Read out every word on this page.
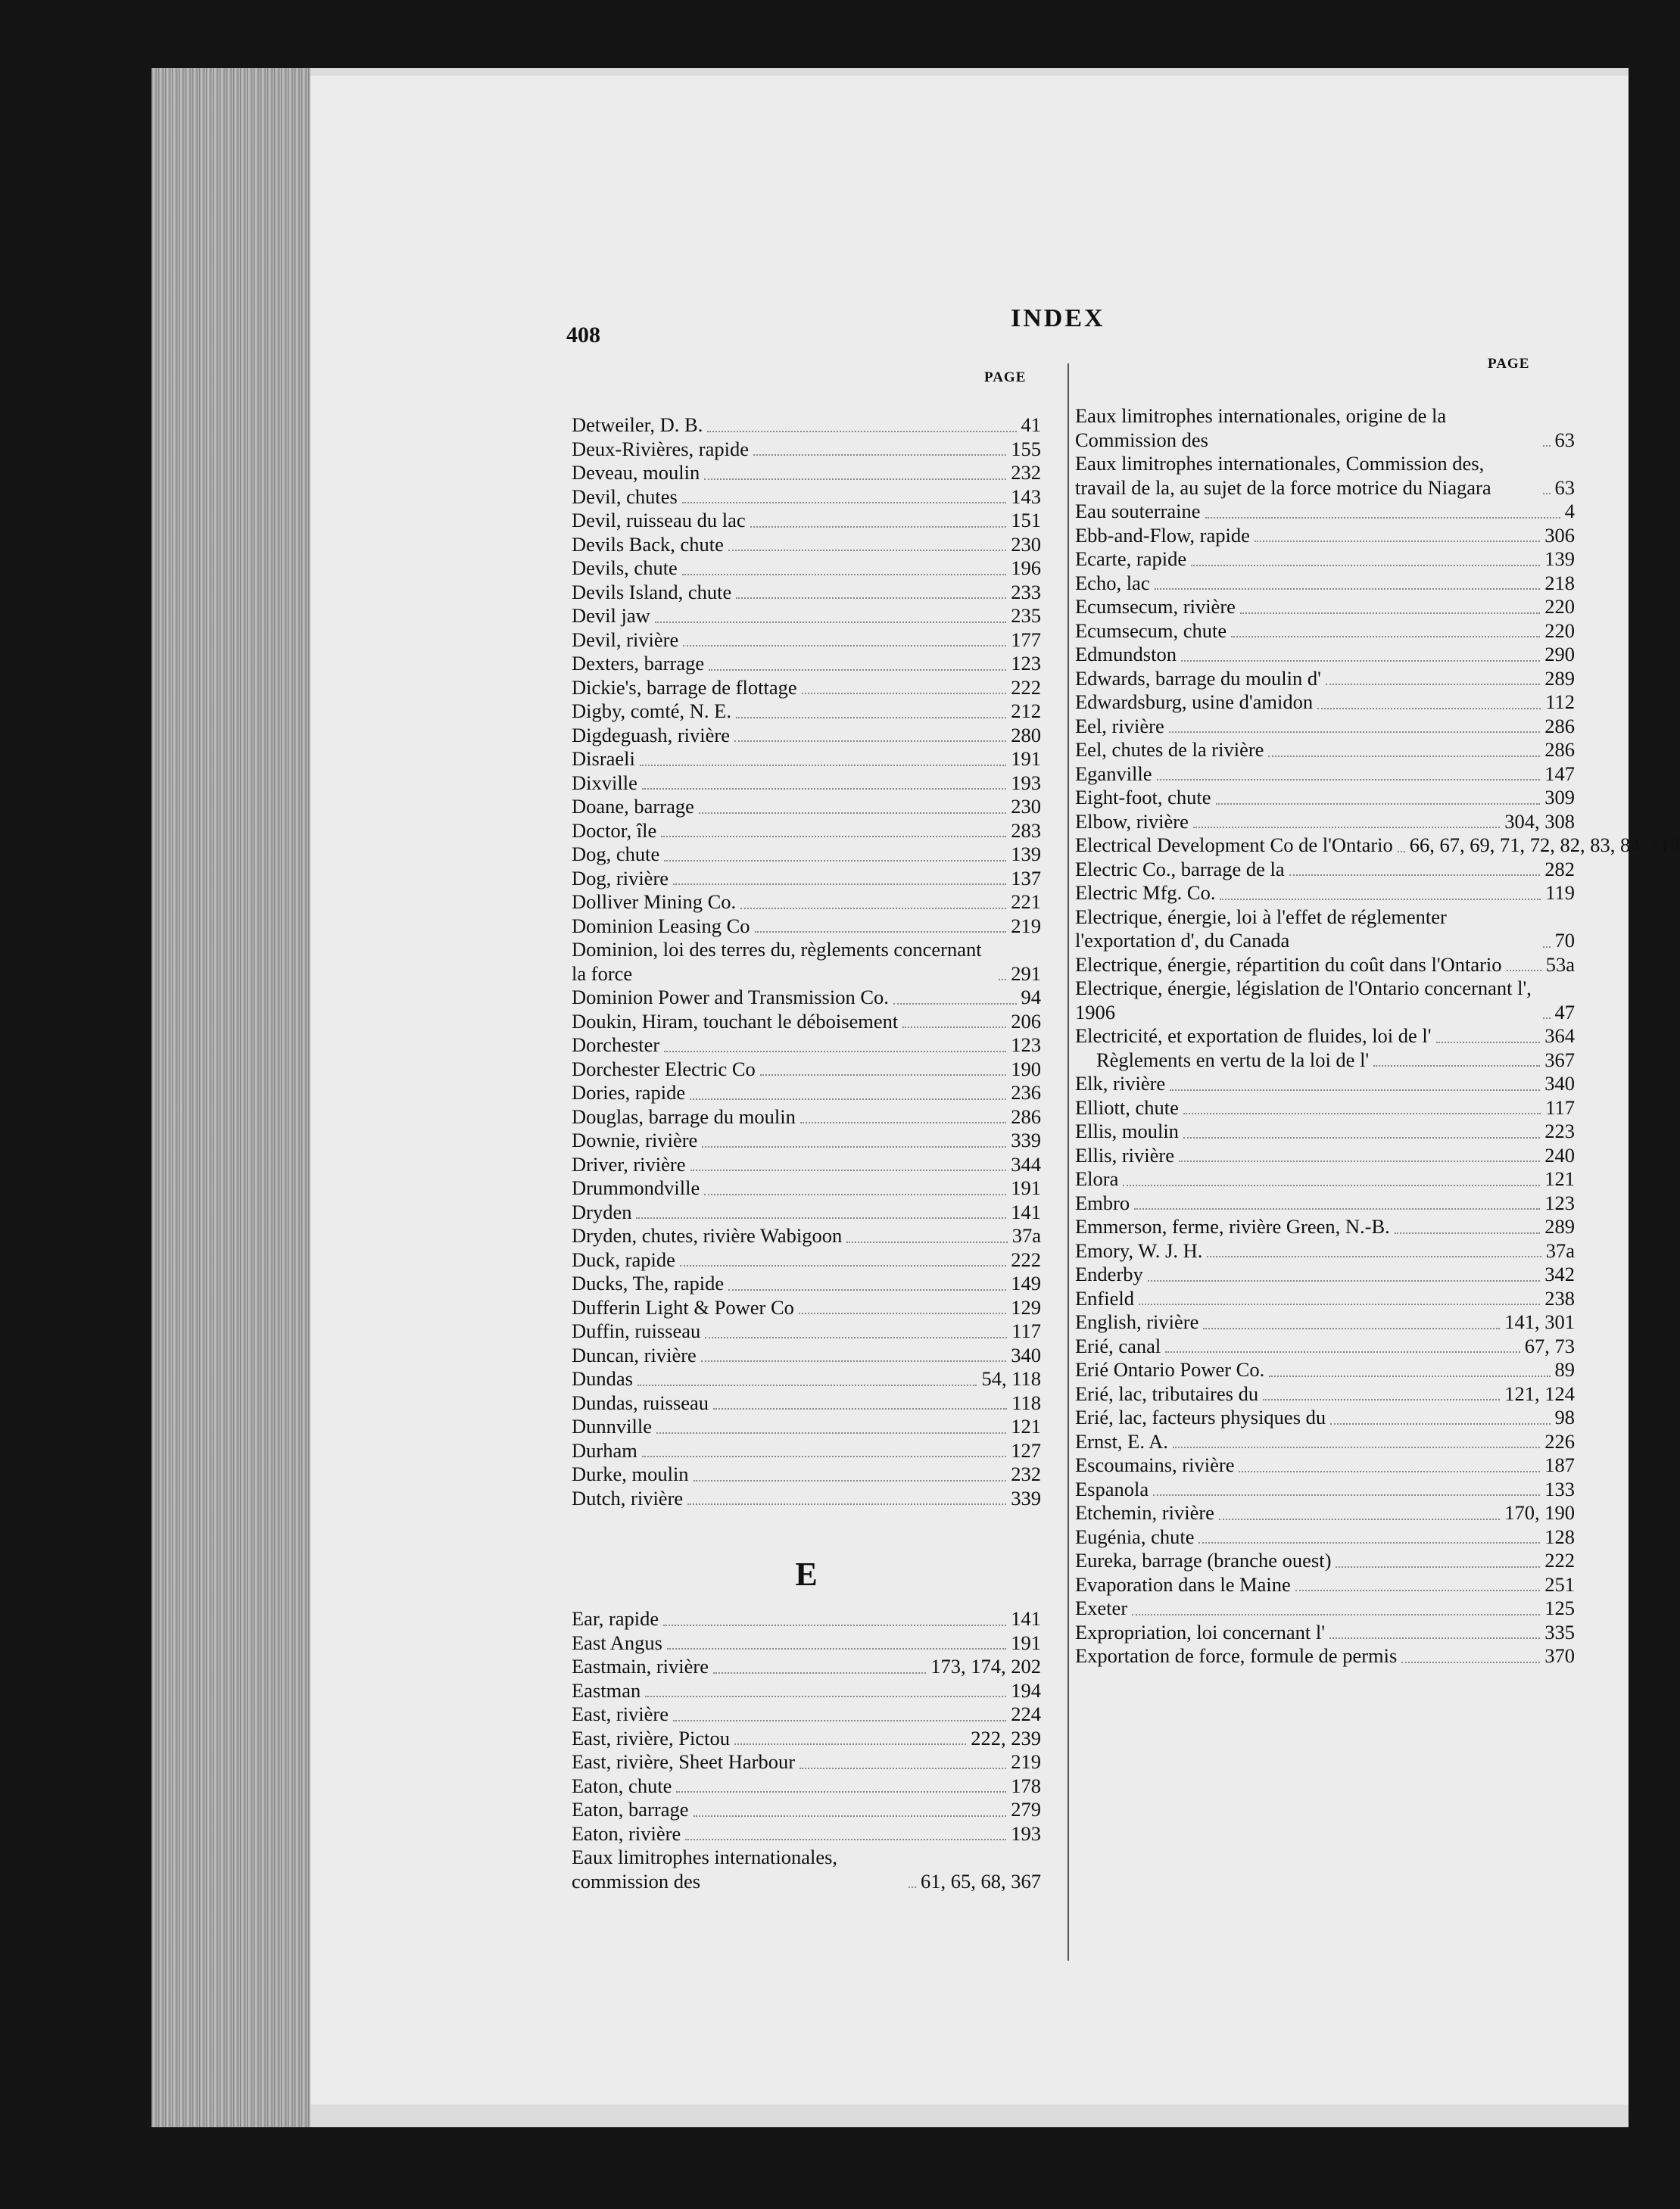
408
INDEX
PAGE
PAGE
Detweiler, D. B.	41
Deux-Rivières, rapide	155
Deveau, moulin	232
Devil, chutes	143
Devil, ruisseau du lac	151
Devils Back, chute	230
Devils, chute	196
Devils Island, chute	233
Devil jaw	235
Devil, rivière	177
Dexters, barrage	123
Dickie's, barrage de flottage	222
Digby, comté, N. E.	212
Digdeguash, rivière	280
Disraeli	191
Dixville	193
Doane, barrage	230
Doctor, île	283
Dog, chute	139
Dog, rivière	137
Dolliver Mining Co.	221
Dominion Leasing Co	219
Dominion, loi des terres du, règlements concernant la force	291
Dominion Power and Transmission Co.	94
Doukin, Hiram, touchant le déboisement	206
Dorchester	123
Dorchester Electric Co	190
Dories, rapide	236
Douglas, barrage du moulin	286
Downie, rivière	339
Driver, rivière	344
Drummondville	191
Dryden	141
Dryden, chutes, rivière Wabigoon	37a
Duck, rapide	222
Ducks, The, rapide	149
Dufferin Light & Power Co	129
Duffin, ruisseau	117
Duncan, rivière	340
Dundas	54, 118
Dundas, ruisseau	118
Dunnville	121
Durham	127
Durke, moulin	232
Dutch, rivière	339
E
Ear, rapide	141
East Angus	191
Eastmain, rivière	173, 174, 202
Eastman	194
East, rivière	224
East, rivière, Pictou	222, 239
East, rivière, Sheet Harbour	219
Eaton, chute	178
Eaton, barrage	279
Eaton, rivière	193
Eaux limitrophes internationales, commission des	61, 65, 68, 367
Eaux limitrophes internationales, origine de la Commission des	63
Eaux limitrophes internationales, Commission des, travail de la, au sujet de la force motrice du Niagara	63
Eau souterraine	4
Ebb-and-Flow, rapide	306
Ecarte, rapide	139
Echo, lac	218
Ecumsecum, rivière	220
Ecumsecum, chute	220
Edmundston	290
Edwards, barrage du moulin d'	289
Edwardsburg, usine d'amidon	112
Eel, rivière	286
Eel, chutes de la rivière	286
Eganville	147
Eight-foot, chute	309
Elbow, rivière	304, 308
Electrical Development Co de l'Ontario 66, 67, 69, 71, 72, 82, 83, 84, 119
Electric Co., barrage de la	282
Electric Mfg. Co.	119
Electrique, énergie, loi à l'effet de réglementer l'exportation d', du Canada	70
Electrique, énergie, répartition du coût dans l'Ontario 53a
Electrique, énergie, législation de l'Ontario concernant l', 1906	47
Electricité, et exportation de fluides, loi de l'	364
Règlements en vertu de la loi de l'	367
Elk, rivière	340
Elliott, chute	117
Ellis, moulin	223
Ellis, rivière	240
Elora	121
Embro	123
Emmerson, ferme, rivière Green, N.-B.	289
Emory, W. J. H.	37a
Enderby	342
Enfield	238
English, rivière	141, 301
Erié, canal	67, 73
Erié Ontario Power Co.	89
Erié, lac, tributaires du	121, 124
Erié, lac, facteurs physiques du	98
Ernst, E. A.	226
Escoumains, rivière	187
Espanola	133
Etchemin, rivière	170, 190
Eugénia, chute	128
Eureka, barrage (branche ouest)	222
Evaporation dans le Maine	251
Exeter	125
Expropriation, loi concernant l'	335
Exportation de force, formule de permis	370
